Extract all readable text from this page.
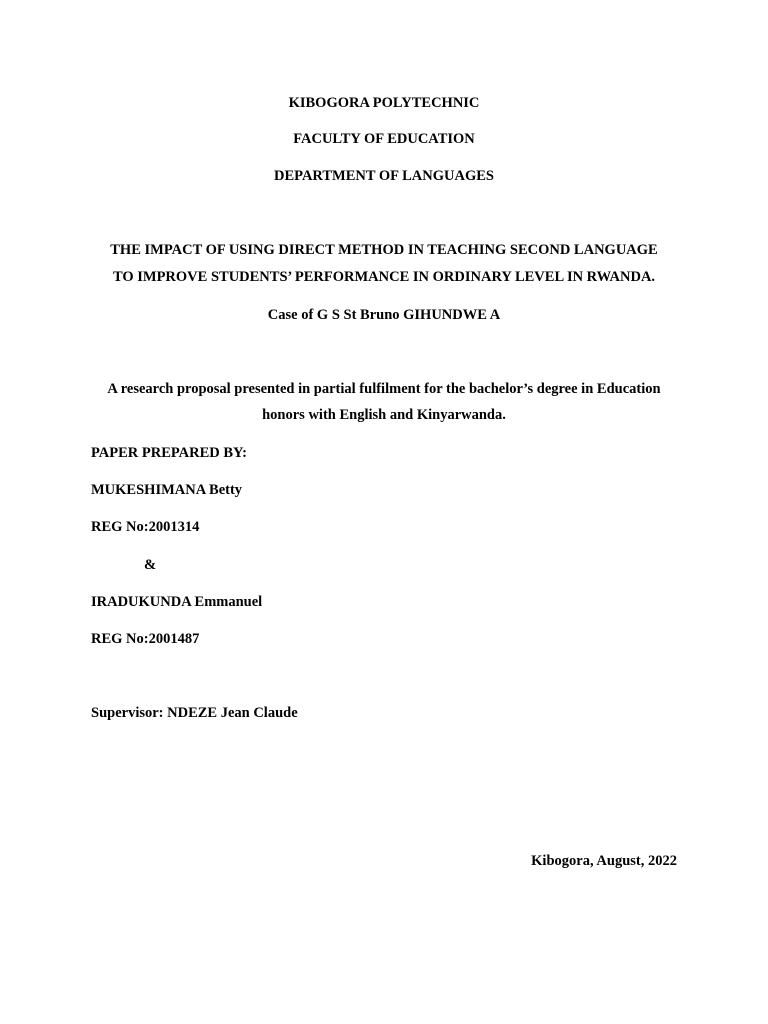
KIBOGORA POLYTECHNIC
FACULTY OF EDUCATION
DEPARTMENT OF LANGUAGES
THE IMPACT OF USING DIRECT METHOD IN TEACHING SECOND LANGUAGE
TO IMPROVE STUDENTS’ PERFORMANCE IN ORDINARY LEVEL IN RWANDA.
Case of G S St Bruno GIHUNDWE A
A research proposal presented in partial fulfilment for the bachelor’s degree in Education
honors with English and Kinyarwanda.
PAPER PREPARED BY:
MUKESHIMANA Betty
REG No:2001314
&
IRADUKUNDA Emmanuel
REG No:2001487
Supervisor: NDEZE Jean Claude
Kibogora, August, 2022
